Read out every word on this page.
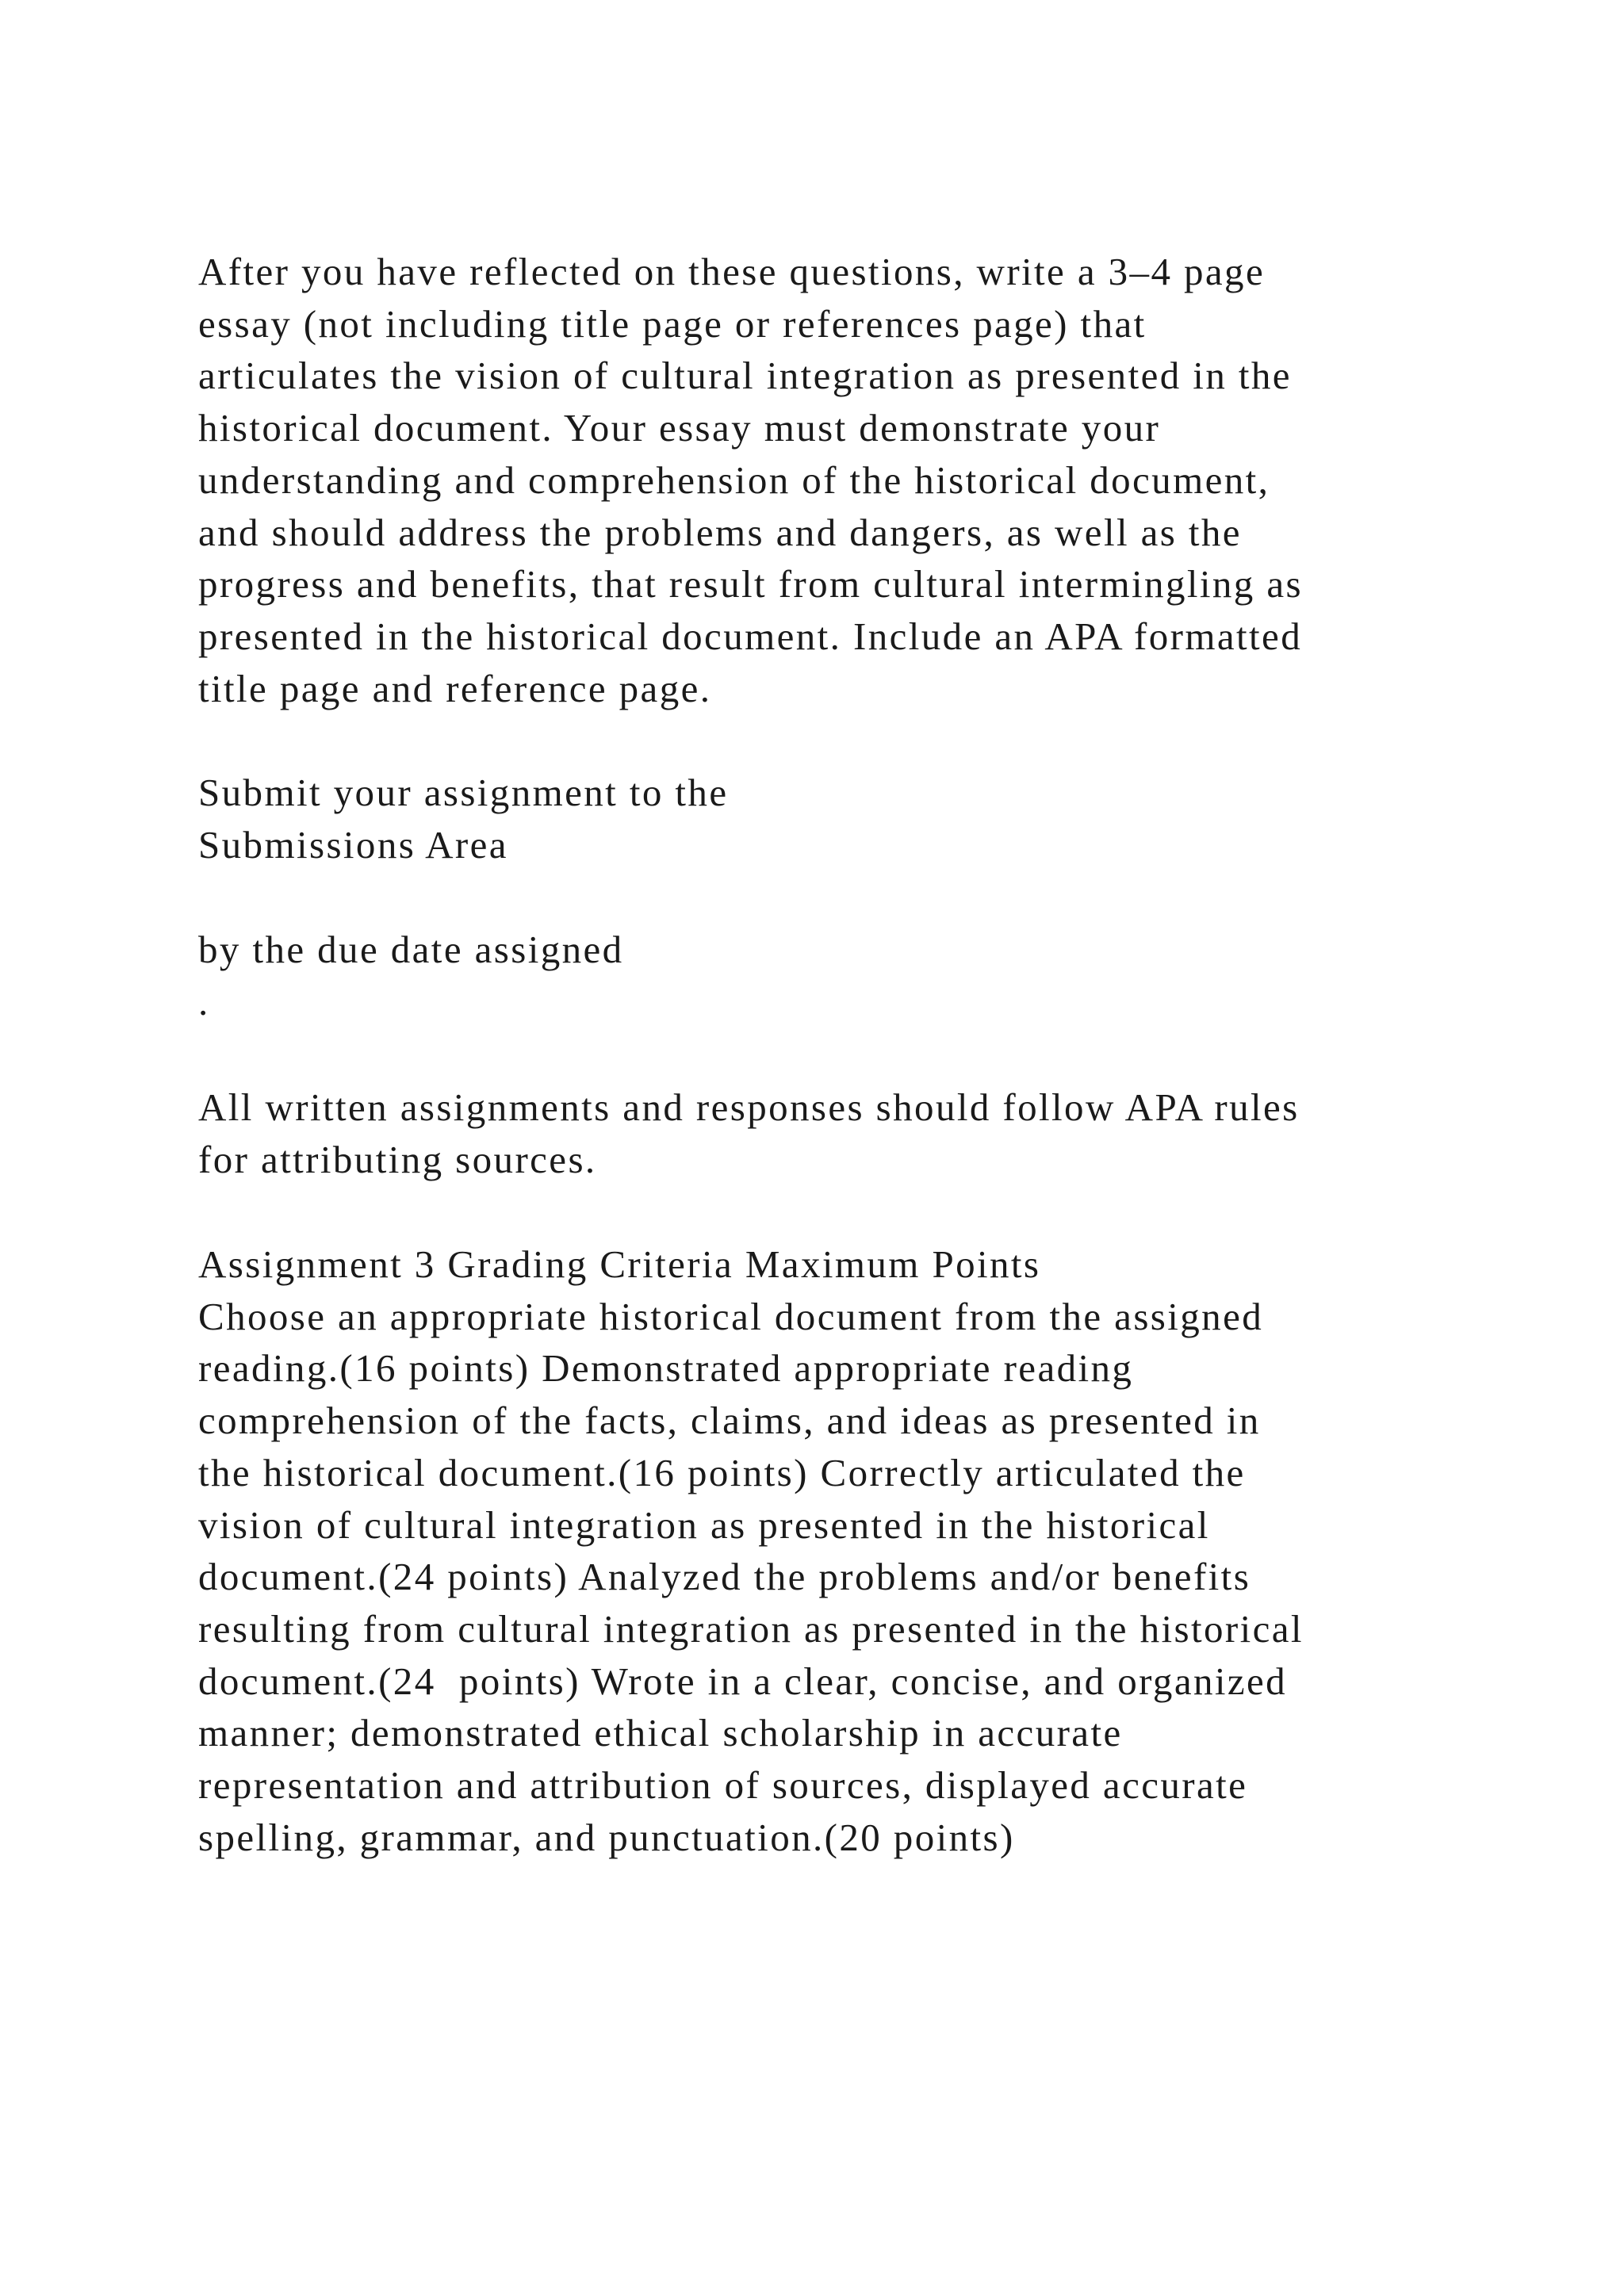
After you have reflected on these questions, write a 3–4 page
essay (not including title page or references page) that
articulates the vision of cultural integration as presented in the
historical document. Your essay must demonstrate your
understanding and comprehension of the historical document,
and should address the problems and dangers, as well as the
progress and benefits, that result from cultural intermingling as
presented in the historical document. Include an APA formatted
title page and reference page.
Submit your assignment to the
Submissions Area
by the due date assigned
.
All written assignments and responses should follow APA rules
for attributing sources.
Assignment 3 Grading Criteria Maximum Points
Choose an appropriate historical document from the assigned
reading.(16 points) Demonstrated appropriate reading
comprehension of the facts, claims, and ideas as presented in
the historical document.(16 points) Correctly articulated the
vision of cultural integration as presented in the historical
document.(24 points) Analyzed the problems and/or benefits
resulting from cultural integration as presented in the historical
document.(24  points) Wrote in a clear, concise, and organized
manner; demonstrated ethical scholarship in accurate
representation and attribution of sources, displayed accurate
spelling, grammar, and punctuation.(20 points)
